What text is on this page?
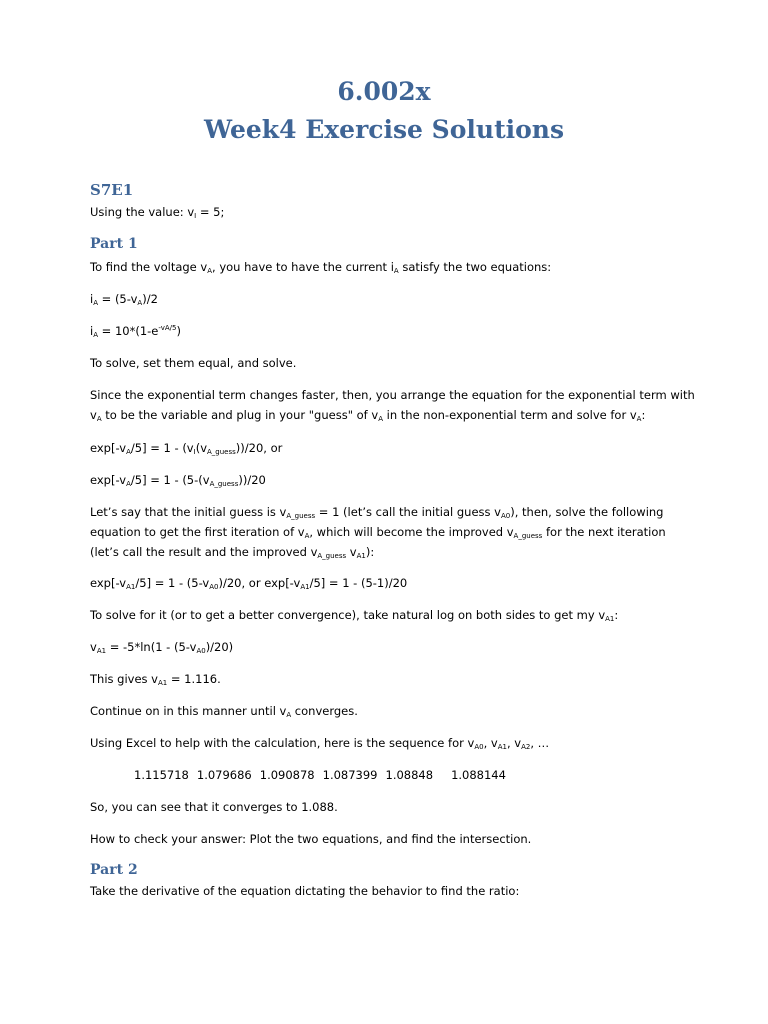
6.002x
Week4 Exercise Solutions
S7E1

Using the value: $v_I = 5$;

Part 1

To find the voltage $v_A$, you have to have the current $i_A$ satisfy the two equations:

$i_A = (5-v_A)/2$

$i_A = 10*(1-e^{-vA/5})$

To solve, set them equal, and solve.

Since the exponential term changes faster, then, you arrange the equation for the exponential term with
$v_A$ to be the variable and plug in your "guess" of $v_A$ in the non-exponential term and solve for $v_A$:

$\exp[-v_A/5] = 1 - (v_I(v_{A\_guess}))/20$, or

$\exp[-v_A/5] = 1 - (5-(v_{A\_guess}))/20$

Let’s say that the initial guess is $v_{A\_guess} = 1$ (let’s call the initial guess $v_{A0}$), then, solve the following
equation to get the first iteration of $v_A$, which will become the improved $v_{A\_guess}$ for the next iteration
(let’s call the result and the improved $v_{A\_guess}$ $v_{A1}$):

$\exp[-v_{A1}/5] = 1 - (5-v_{A0})/20$, or $\exp[-v_{A1}/5] = 1 - (5-1)/20$

To solve for it (or to get a better convergence), take natural log on both sides to get my $v_{A1}$:

$v_{A1} = -5*\ln(1 - (5-v_{A0})/20)$

This gives $v_{A1} = 1.116$.

Continue on in this manner until $v_A$ converges.

Using Excel to help with the calculation, here is the sequence for $v_{A0}$, $v_{A1}$, $v_{A2}$, …

1.115718 1.079686 1.090878 1.087399 1.08848 1.088144

So, you can see that it converges to 1.088.

How to check your answer: Plot the two equations, and find the intersection.

Part 2

Take the derivative of the equation dictating the behavior to find the ratio:
